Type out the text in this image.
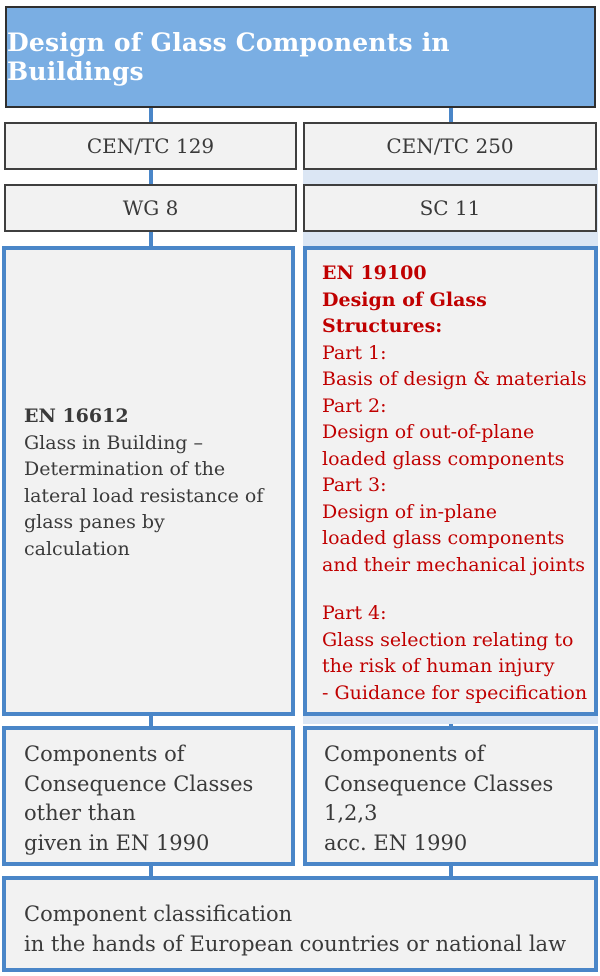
Design of Glass Components in Buildings
CEN/TC 129	CEN/TC 250
WG 8	SC 11
EN 16612
Glass in Building –
Determination of the
lateral load resistance of
glass panes by
calculation
EN 19100
Design of Glass Structures:
Part 1:
Basis of design & materials
Part 2:
Design of out-of-plane
loaded glass components
Part 3:
Design of in-plane
loaded glass components
and their mechanical joints
Part 4:
Glass selection relating to
the risk of human injury
- Guidance for specification
Components of
Consequence Classes
other than
given in EN 1990
Components of
Consequence Classes
1,2,3
acc. EN 1990
Component classification
in the hands of European countries or national law
